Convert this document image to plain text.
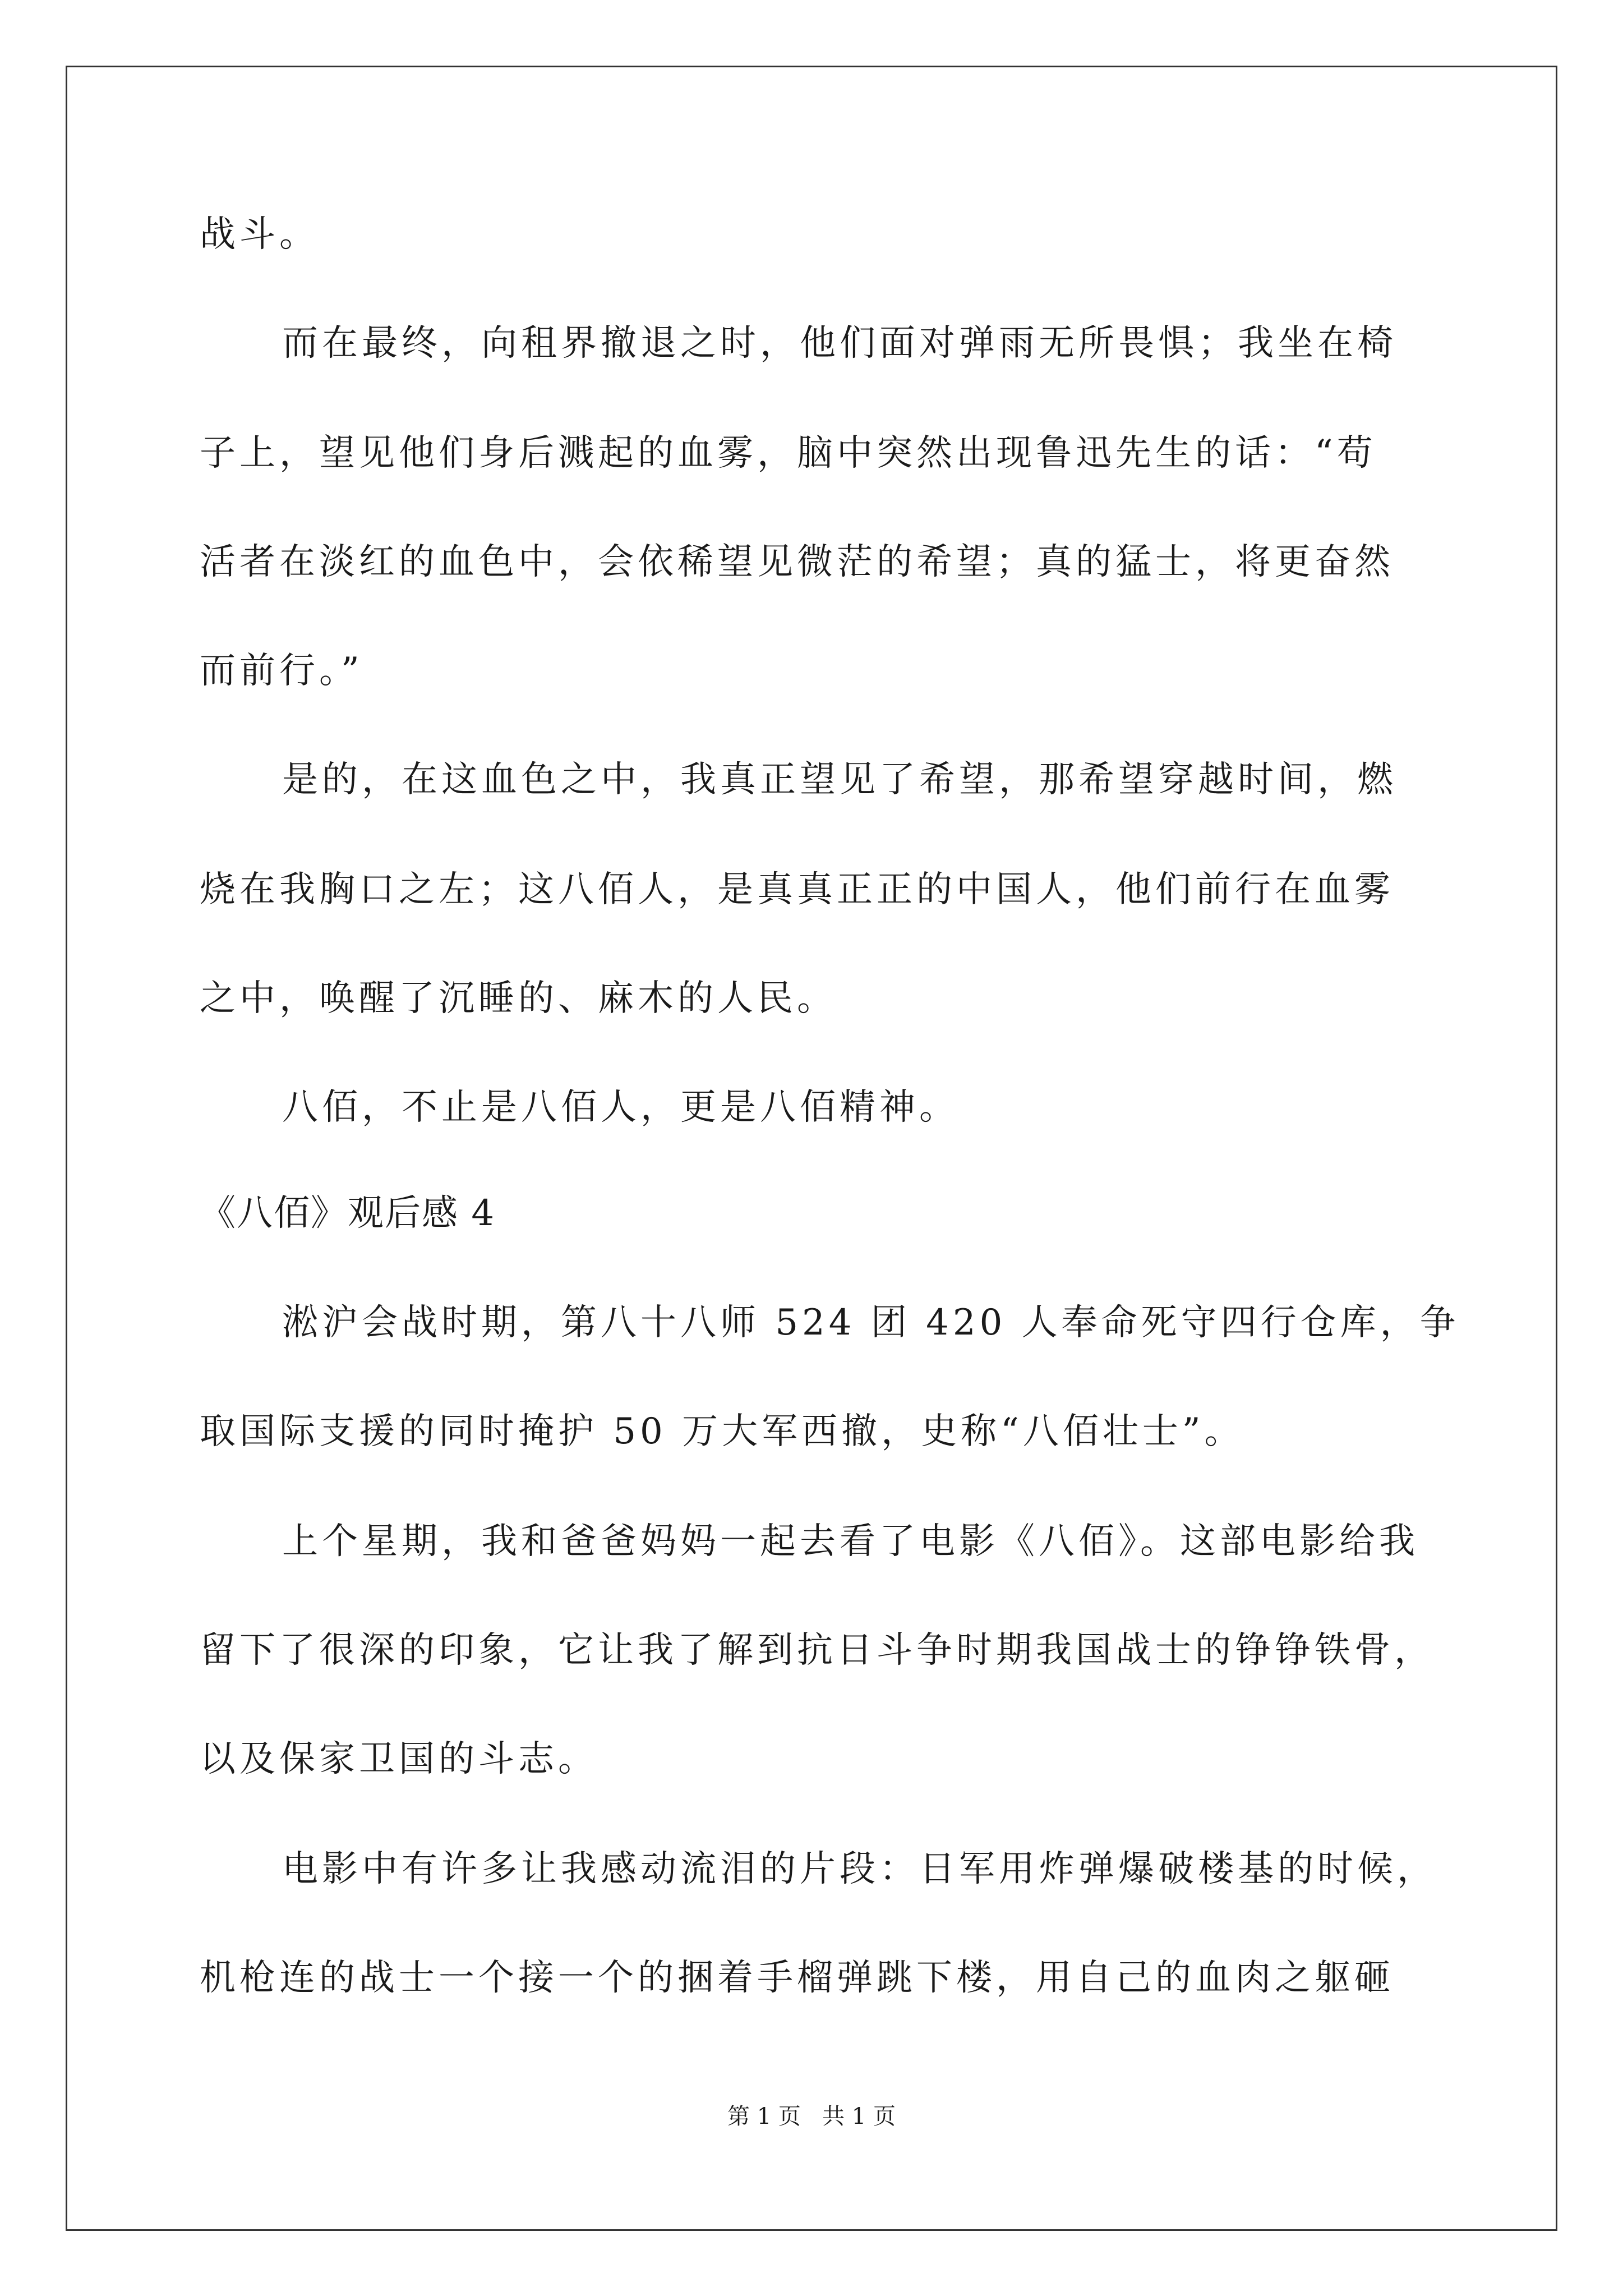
战斗。
而在最终，向租界撤退之时，他们面对弹雨无所畏惧；我坐在椅
子上，望见他们身后溅起的血雾，脑中突然出现鲁迅先生的话：“苟
活者在淡红的血色中，会依稀望见微茫的希望；真的猛士，将更奋然
而前行。”
是的，在这血色之中，我真正望见了希望，那希望穿越时间，燃
烧在我胸口之左；这八佰人，是真真正正的中国人，他们前行在血雾
之中，唤醒了沉睡的、麻木的人民。
八佰，不止是八佰人，更是八佰精神。
《八佰》观后感 4
淞沪会战时期，第八十八师 524 团 420 人奉命死守四行仓库，争
取国际支援的同时掩护 50 万大军西撤，史称“八佰壮士”。
上个星期，我和爸爸妈妈一起去看了电影《八佰》。这部电影给我
留下了很深的印象，它让我了解到抗日斗争时期我国战士的铮铮铁骨，
以及保家卫国的斗志。
电影中有许多让我感动流泪的片段：日军用炸弹爆破楼基的时候，
机枪连的战士一个接一个的捆着手榴弹跳下楼，用自己的血肉之躯砸
第 1 页   共 1 页
